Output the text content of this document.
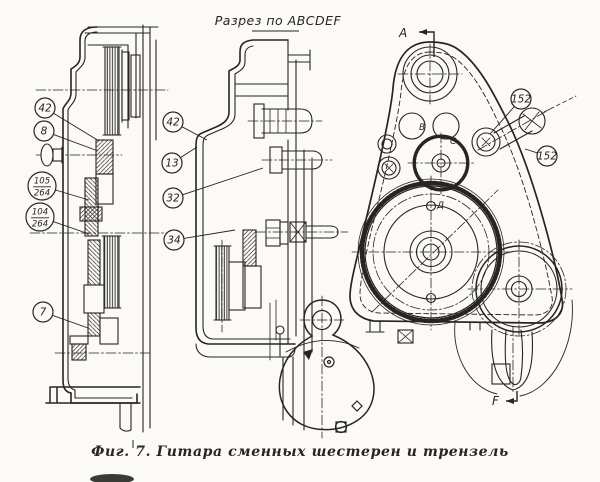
42
8
105
264
104
264
7
42
13
32
34
152
152
A
F
B
C
Д
Разрез по ABCDEF
Фиг. 7. Гитара сменных шестерен и трензель
